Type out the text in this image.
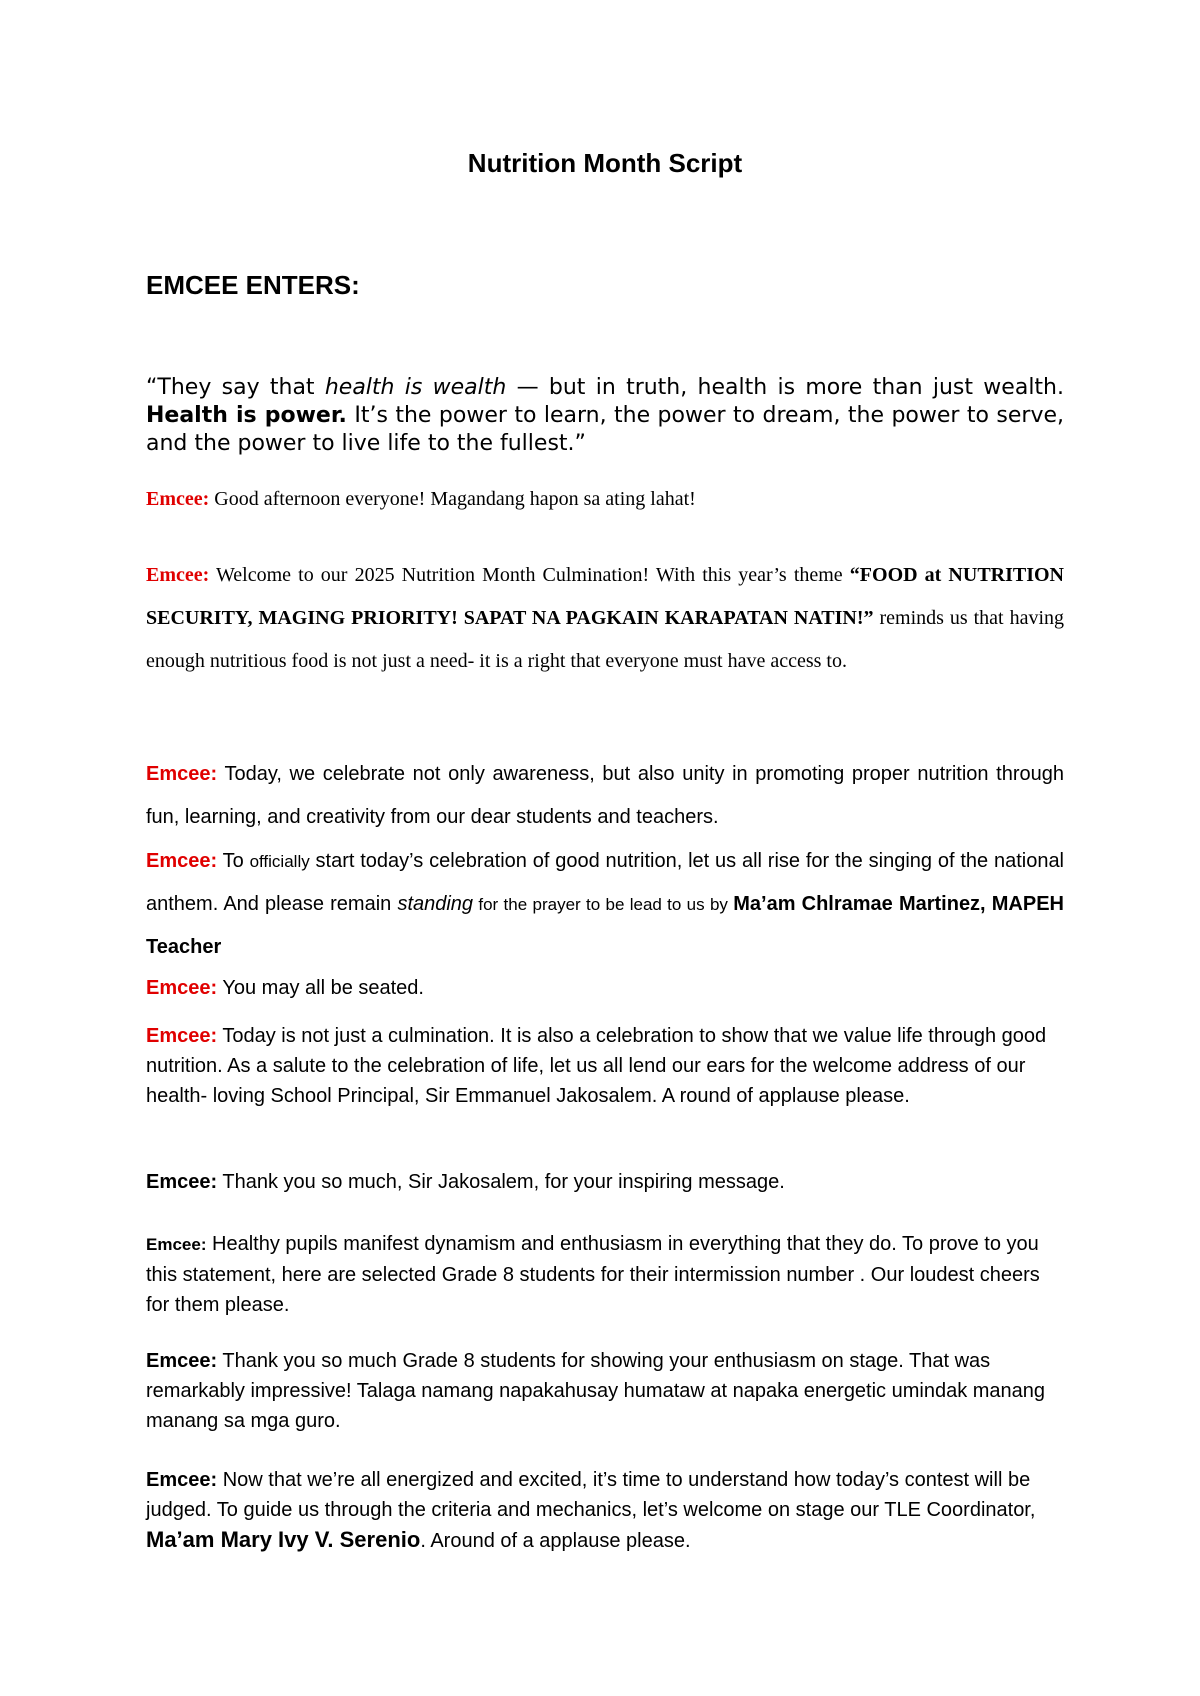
Nutrition Month Script
EMCEE ENTERS:

“They say that health is wealth — but in truth, health is more than just wealth. Health is power. It’s the power to learn, the power to dream, the power to serve, and the power to live life to the fullest.”

Emcee: Good afternoon everyone! Magandang hapon sa ating lahat!

Emcee: Welcome to our 2025 Nutrition Month Culmination! With this year’s theme “FOOD at NUTRITION SECURITY, MAGING PRIORITY! SAPAT NA PAGKAIN KARAPATAN NATIN!” reminds us that having enough nutritious food is not just a need- it is a right that everyone must have access to.

Emcee: Today, we celebrate not only awareness, but also unity in promoting proper nutrition through fun, learning, and creativity from our dear students and teachers.

Emcee: To officially start today’s celebration of good nutrition, let us all rise for the singing of the national anthem. And please remain standing for the prayer to be lead to us by Ma’am Chlramae Martinez, MAPEH Teacher

Emcee: You may all be seated.

Emcee: Today is not just a culmination. It is also a celebration to show that we value life through good nutrition. As a salute to the celebration of life, let us all lend our ears for the welcome address of our health- loving School Principal, Sir Emmanuel Jakosalem. A round of applause please.

Emcee: Thank you so much, Sir Jakosalem, for your inspiring message.

Emcee: Healthy pupils manifest dynamism and enthusiasm in everything that they do. To prove to you this statement, here are selected Grade 8 students for their intermission number . Our loudest cheers for them please.

Emcee: Thank you so much Grade 8 students for showing your enthusiasm on stage. That was remarkably impressive! Talaga namang napakahusay humataw at napaka energetic umindak manang manang sa mga guro.

Emcee: Now that we’re all energized and excited, it’s time to understand how today’s contest will be judged. To guide us through the criteria and mechanics, let’s welcome on stage our TLE Coordinator, Ma’am Mary Ivy V. Serenio. Around of a applause please.
